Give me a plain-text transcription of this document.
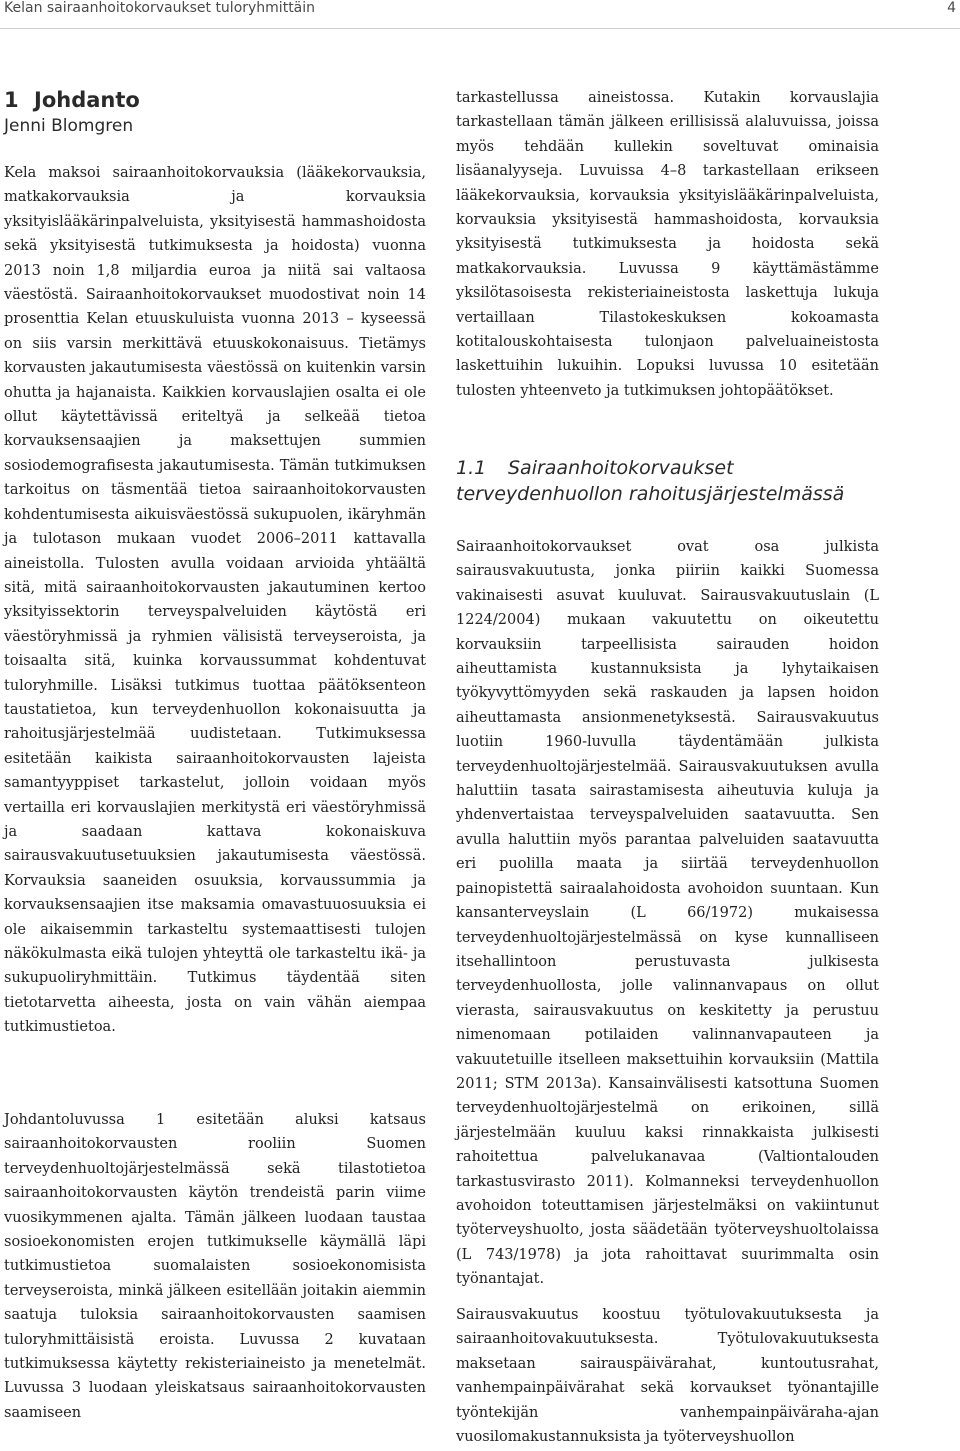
Kelan sairaanhoitokorvaukset tuloryhmittäin	4
1 Johdanto
Jenni Blomgren

Kela maksoi sairaanhoitokorvauksia (lääkekorvauksia, matkakorvauksia ja korvauksia yksityislääkärinpalveluista, yksityisestä hammashoidosta sekä yksityisestä tutkimuksesta ja hoidosta) vuonna 2013 noin 1,8 miljardia euroa ja niitä sai valtaosa väestöstä. Sairaanhoitokorvaukset muodostivat noin 14 prosenttia Kelan etuuskuluista vuonna 2013 – kyseessä on siis varsin merkittävä etuuskokonaisuus. Tietämys korvausten jakautumisesta väestössä on kuitenkin varsin ohutta ja hajanaista. Kaikkien korvauslajien osalta ei ole ollut käytettävissä eriteltyä ja selkeää tietoa korvauksensaajien ja maksettujen summien sosiodemografisesta jakautumisesta. Tämän tutkimuksen tarkoitus on täsmentää tietoa sairaanhoitokorvausten kohdentumisesta aikuisväestössä sukupuolen, ikäryhmän ja tulotason mukaan vuodet 2006–2011 kattavalla aineistolla. Tulosten avulla voidaan arvioida yhtäältä sitä, mitä sairaanhoitokorvausten jakautuminen kertoo yksityissektorin terveyspalveluiden käytöstä eri väestöryhmissä ja ryhmien välisistä terveyseroista, ja toisaalta sitä, kuinka korvaussummat kohdentuvat tuloryhmille. Lisäksi tutkimus tuottaa päätöksenteon taustatietoa, kun terveydenhuollon kokonaisuutta ja rahoitusjärjestelmää uudistetaan. Tutkimuksessa esitetään kaikista sairaanhoitokorvausten lajeista samantyyppiset tarkastelut, jolloin voidaan myös vertailla eri korvauslajien merkitystä eri väestöryhmissä ja saadaan kattava kokonaiskuva sairausvakuutusetuuksien jakautumisesta väestössä. Korvauksia saaneiden osuuksia, korvaussummia ja korvauksensaajien itse maksamia omavastuuosuuksia ei ole aikaisemmin tarkasteltu systemaattisesti tulojen näkökulmasta eikä tulojen yhteyttä ole tarkasteltu ikä- ja sukupuoliryhmittäin. Tutkimus täydentää siten tietotarvetta aiheesta, josta on vain vähän aiempaa tutkimustietoa.

Johdantoluvussa 1 esitetään aluksi katsaus sairaanhoitokorvausten rooliin Suomen terveydenhuoltojärjestelmässä sekä tilastotietoa sairaanhoitokorvausten käytön trendeistä parin viime vuosikymmenen ajalta. Tämän jälkeen luodaan taustaa sosioekonomisten erojen tutkimukselle käymällä läpi tutkimustietoa suomalaisten sosioekonomisista terveyseroista, minkä jälkeen esitellään joitakin aiemmin saatuja tuloksia sairaanhoitokorvausten saamisen tuloryhmittäisistä eroista. Luvussa 2 kuvataan tutkimuksessa käytetty rekisteriaineisto ja menetelmät. Luvussa 3 luodaan yleiskatsaus sairaanhoitokorvausten saamiseen

tarkastellussa aineistossa. Kutakin korvauslajia tarkastellaan tämän jälkeen erillisissä alaluvuissa, joissa myös tehdään kullekin soveltuvat ominaisia lisäanalyyseja. Luvuissa 4–8 tarkastellaan erikseen lääkekorvauksia, korvauksia yksityislääkärinpalveluista, korvauksia yksityisestä hammashoidosta, korvauksia yksityisestä tutkimuksesta ja hoidosta sekä matkakorvauksia. Luvussa 9 käyttämästämme yksilötasoisesta rekisteriaineistosta laskettuja lukuja vertaillaan Tilastokeskuksen kokoamasta kotitalouskohtaisesta tulonjaon palveluaineistosta laskettuihin lukuihin. Lopuksi luvussa 10 esitetään tulosten yhteenveto ja tutkimuksen johtopäätökset.

1.1 Sairaanhoitokorvaukset
terveydenhuollon rahoitusjärjestelmässä

Sairaanhoitokorvaukset ovat osa julkista sairausvakuutusta, jonka piiriin kaikki Suomessa vakinaisesti asuvat kuuluvat. Sairausvakuutuslain (L 1224/2004) mukaan vakuutettu on oikeutettu korvauksiin tarpeellisista sairauden hoidon aiheuttamista kustannuksista ja lyhytaikaisen työkyvyttömyyden sekä raskauden ja lapsen hoidon aiheuttamasta ansionmenetyksestä. Sairausvakuutus luotiin 1960-luvulla täydentämään julkista terveydenhuoltojärjestelmää. Sairausvakuutuksen avulla haluttiin tasata sairastamisesta aiheutuvia kuluja ja yhdenvertaistaa terveyspalveluiden saatavuutta. Sen avulla haluttiin myös parantaa palveluiden saatavuutta eri puolilla maata ja siirtää terveydenhuollon painopistettä sairaalahoidosta avohoidon suuntaan. Kun kansanterveyslain (L 66/1972) mukaisessa terveydenhuoltojärjestelmässä on kyse kunnalliseen itsehallintoon perustuvasta julkisesta terveydenhuollosta, jolle valinnanvapaus on ollut vierasta, sairausvakuutus on keskitetty ja perustuu nimenomaan potilaiden valinnanvapauteen ja vakuutetuille itselleen maksettuihin korvauksiin (Mattila 2011; STM 2013a). Kansainvälisesti katsottuna Suomen terveydenhuoltojärjestelmä on erikoinen, sillä järjestelmään kuuluu kaksi rinnakkaista julkisesti rahoitettua palvelukanavaa (Valtiontalouden tarkastusvirasto 2011). Kolmanneksi terveydenhuollon avohoidon toteuttamisen järjestelmäksi on vakiintunut työterveyshuolto, josta säädetään työterveyshuoltolaissa (L 743/1978) ja jota rahoittavat suurimmalta osin työnantajat.

Sairausvakuutus koostuu työtulovakuutuksesta ja sairaanhoitovakuutuksesta. Työtulovakuutuksesta maksetaan sairauspäivärahat, kuntoutusrahat, vanhempainpäivärahat sekä korvaukset työnantajille työntekijän vanhempainpäiväraha-ajan vuosilomakustannuksista ja työterveyshuollon
